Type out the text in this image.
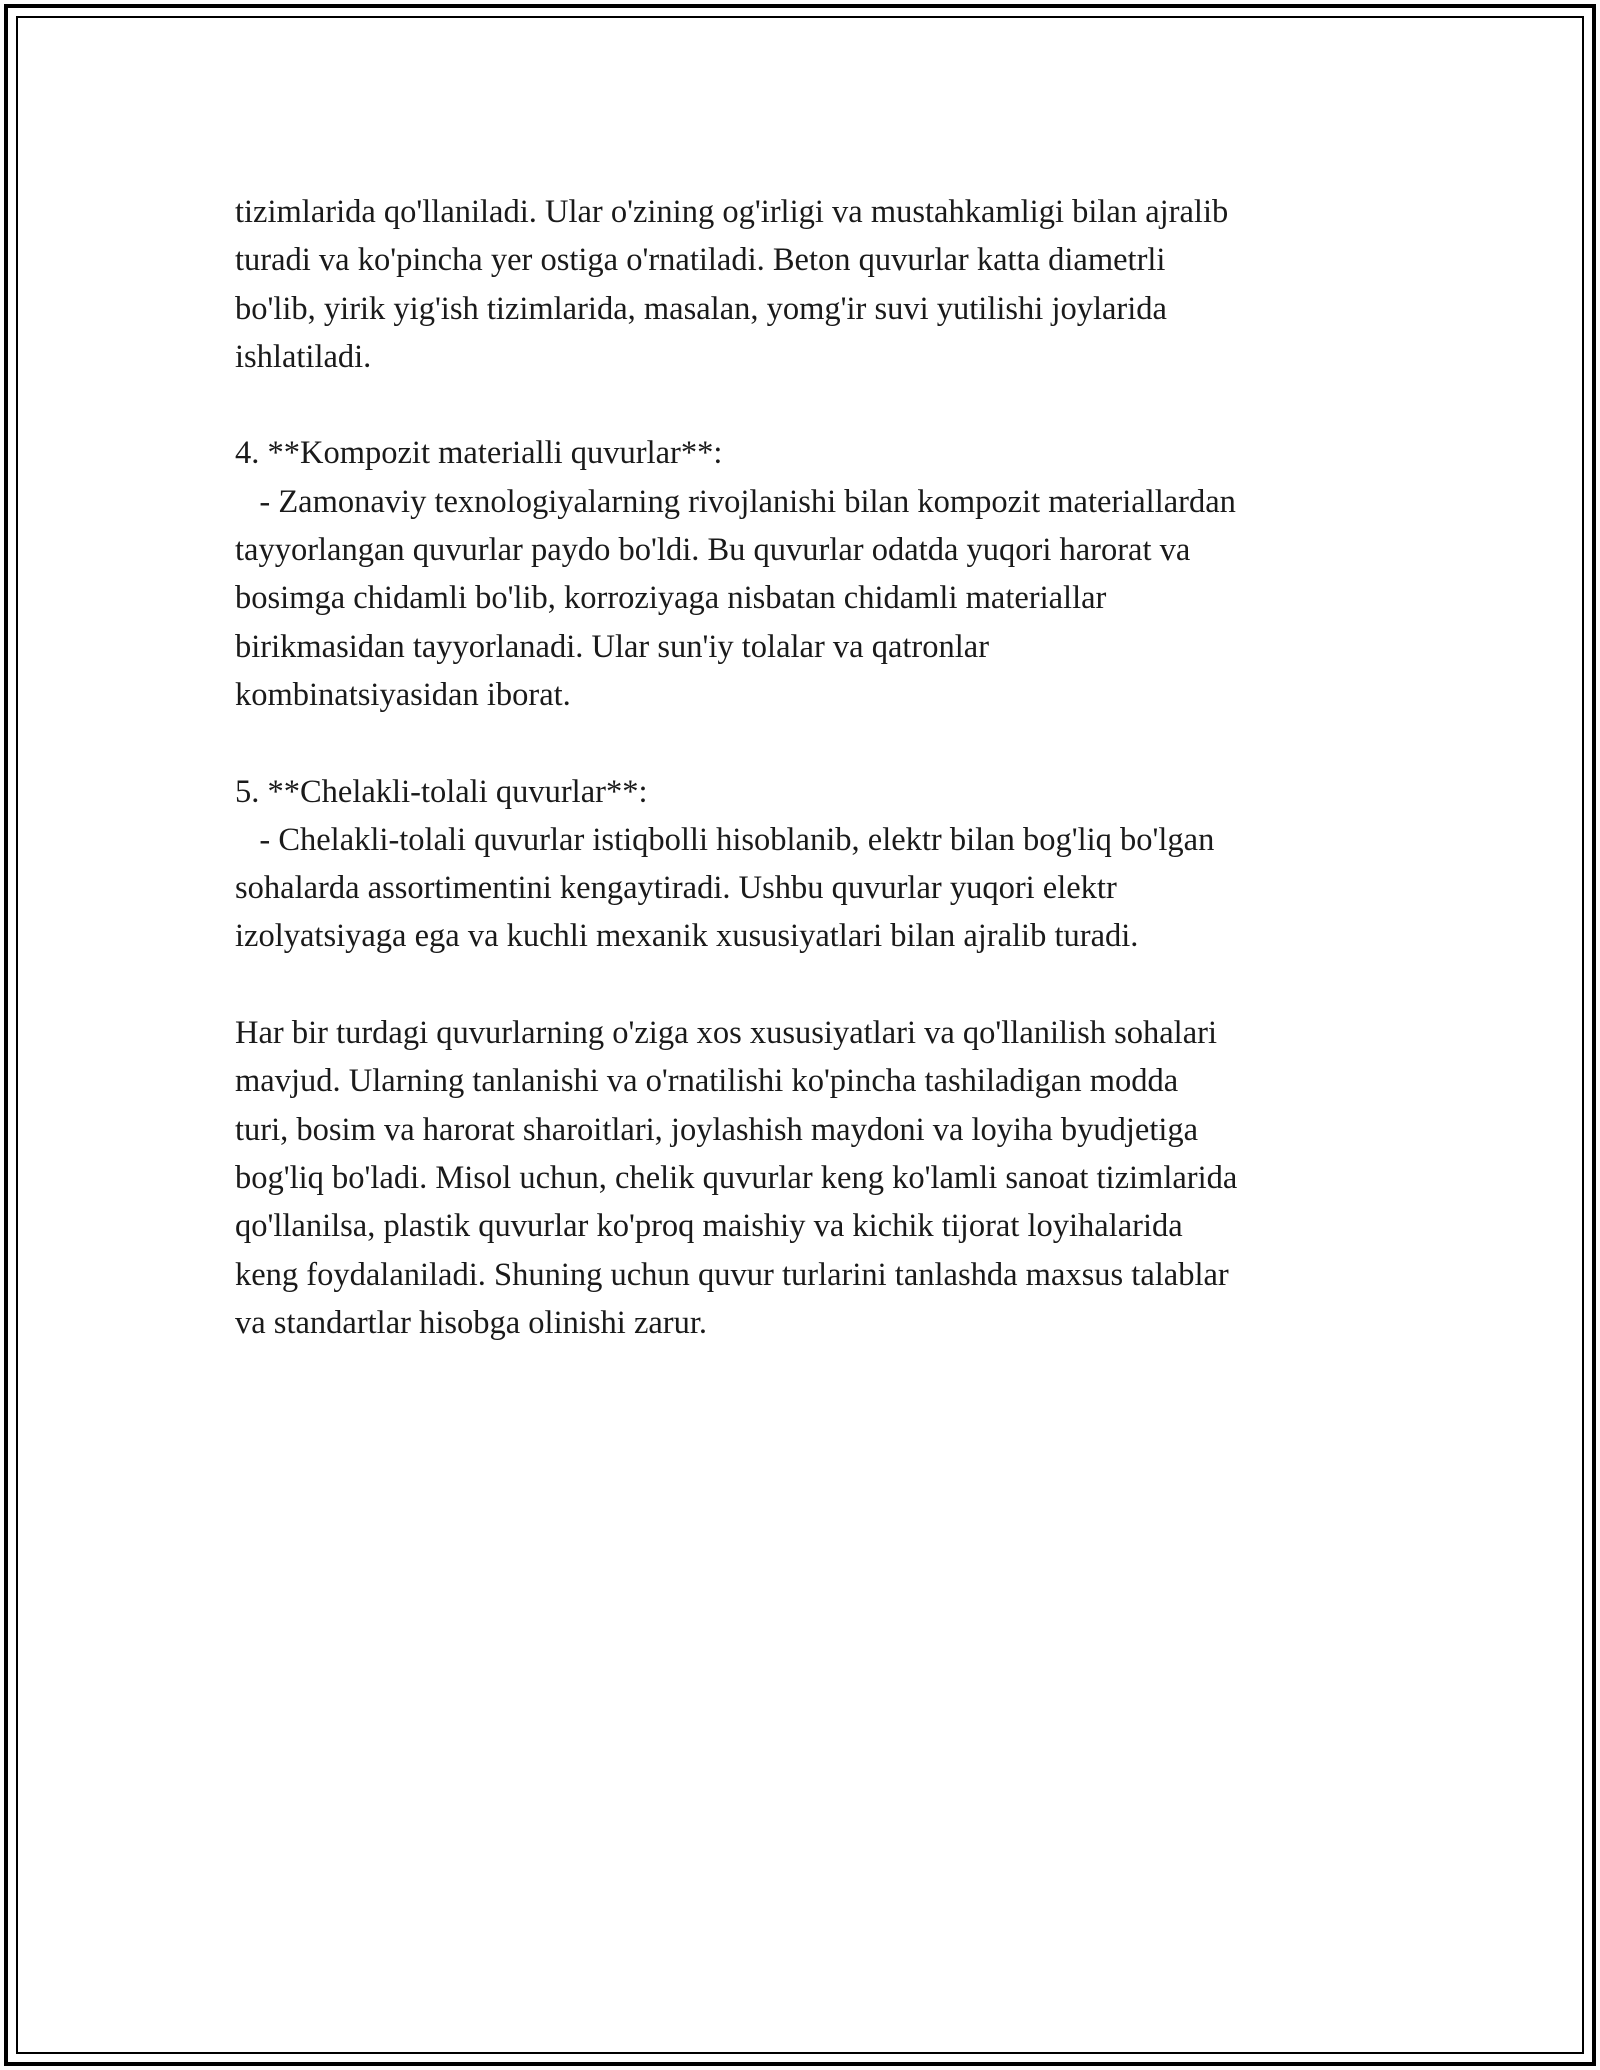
tizimlarida qo'llaniladi. Ular o'zining og'irligi va mustahkamligi bilan ajralib
turadi va ko'pincha yer ostiga o'rnatiladi. Beton quvurlar katta diametrli
bo'lib, yirik yig'ish tizimlarida, masalan, yomg'ir suvi yutilishi joylarida
ishlatiladi.
4. **Kompozit materialli quvurlar**:
- Zamonaviy texnologiyalarning rivojlanishi bilan kompozit materiallardan
tayyorlangan quvurlar paydo bo'ldi. Bu quvurlar odatda yuqori harorat va
bosimga chidamli bo'lib, korroziyaga nisbatan chidamli materiallar
birikmasidan tayyorlanadi. Ular sun'iy tolalar va qatronlar
kombinatsiyasidan iborat.
5. **Chelakli-tolali quvurlar**:
- Chelakli-tolali quvurlar istiqbolli hisoblanib, elektr bilan bog'liq bo'lgan
sohalarda assortimentini kengaytiradi. Ushbu quvurlar yuqori elektr
izolyatsiyaga ega va kuchli mexanik xususiyatlari bilan ajralib turadi.
Har bir turdagi quvurlarning o'ziga xos xususiyatlari va qo'llanilish sohalari
mavjud. Ularning tanlanishi va o'rnatilishi ko'pincha tashiladigan modda
turi, bosim va harorat sharoitlari, joylashish maydoni va loyiha byudjetiga
bog'liq bo'ladi. Misol uchun, chelik quvurlar keng ko'lamli sanoat tizimlarida
qo'llanilsa, plastik quvurlar ko'proq maishiy va kichik tijorat loyihalarida
keng foydalaniladi. Shuning uchun quvur turlarini tanlashda maxsus talablar
va standartlar hisobga olinishi zarur.
